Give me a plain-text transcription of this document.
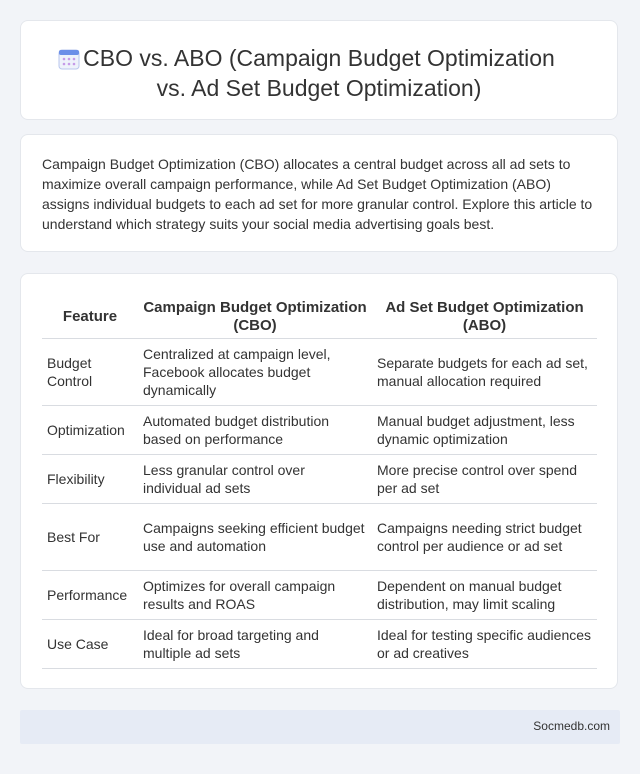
CBO vs. ABO (Campaign Budget Optimization
vs. Ad Set Budget Optimization)
Campaign Budget Optimization (CBO) allocates a central budget across all ad sets to maximize overall campaign performance, while Ad Set Budget Optimization (ABO) assigns individual budgets to each ad set for more granular control. Explore this article to understand which strategy suits your social media advertising goals best.
Feature	Campaign Budget Optimization (CBO)	Ad Set Budget Optimization (ABO)
Budget Control	Centralized at campaign level, Facebook allocates budget dynamically	Separate budgets for each ad set, manual allocation required
Optimization	Automated budget distribution based on performance	Manual budget adjustment, less dynamic optimization
Flexibility	Less granular control over individual ad sets	More precise control over spend per ad set
Best For	Campaigns seeking efficient budget use and automation	Campaigns needing strict budget control per audience or ad set
Performance	Optimizes for overall campaign results and ROAS	Dependent on manual budget distribution, may limit scaling
Use Case	Ideal for broad targeting and multiple ad sets	Ideal for testing specific audiences or ad creatives
Socmedb.com
